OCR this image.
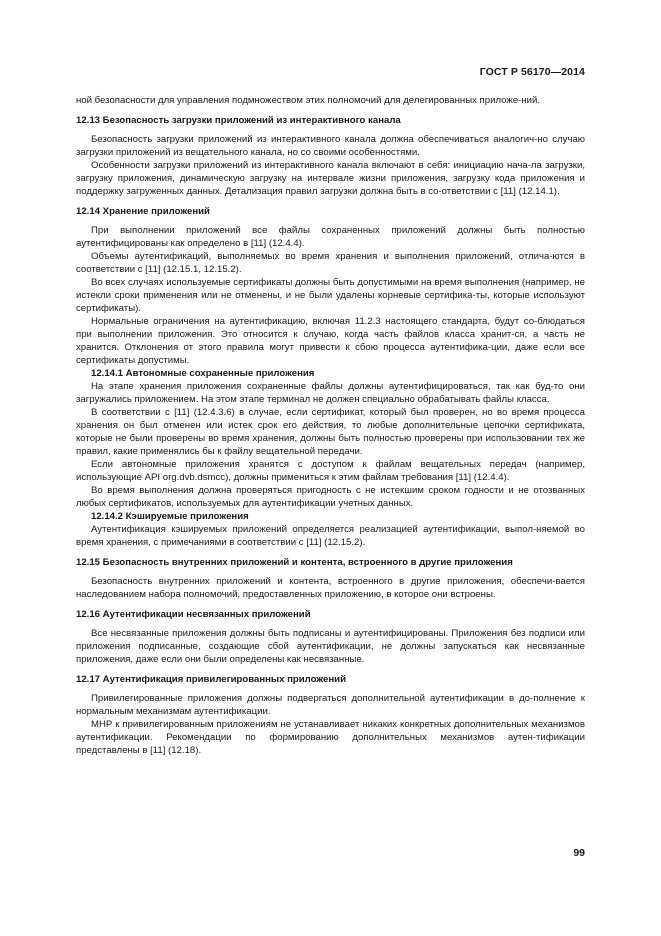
ГОСТ Р 56170—2014

ной безопасности для управления подмножеством этих полномочий для делегированных приложе-ний.

12.13 Безопасность загрузки приложений из интерактивного канала

Безопасность загрузки приложений из интерактивного канала должна обеспечиваться аналогич-но случаю загрузки приложений из вещательного канала, но со своими особенностями.

Особенности загрузки приложений из интерактивного канала включают в себя: инициацию нача-ла загрузки, загрузку приложения, динамическую загрузку на интервале жизни приложения, загрузку кода приложения и поддержку загруженных данных. Детализация правил загрузки должна быть в со-ответствии с [11] (12.14.1).

12.14 Хранение приложений

При выполнении приложений все файлы сохраненных приложений должны быть полностью аутентифицированы как определено в [11] (12.4.4).

Объемы аутентификаций, выполняемых во время хранения и выполнения приложений, отлича-ются в соответствии с [11] (12.15.1, 12.15.2).

Во всех случаях используемые сертификаты должны быть допустимыми на время выполнения (например, не истекли сроки применения или не отменены, и не были удалены корневые сертифика-ты, которые используют сертификаты).

Нормальные ограничения на аутентификацию, включая 11.2.3 настоящего стандарта, будут со-блюдаться при выполнении приложения. Это относится к случаю, когда часть файлов класса хранит-ся, а часть не хранится. Отклонения от этого правила могут привести к сбою процесса аутентифика-ции, даже если все сертификаты допустимы.

12.14.1 Автономные сохраненные приложения

На этапе хранения приложения сохраненные файлы должны аутентифицироваться, так как буд-то они загружались приложением. На этом этапе терминал не должен специально обрабатывать файлы класса.

В соответствии с [11] (12.4.3.6) в случае, если сертификат, который был проверен, но во время процесса хранения он был отменен или истек срок его действия, то любые дополнительные цепочки сертификата, которые не были проверены во время хранения, должны быть полностью проверены при использовании тех же правил, какие применялись бы к файлу вещательной передачи.

Если автономные приложения хранятся с доступом к файлам вещательных передач (например, использующие API org.dvb.dsmcc), должны примениться к этим файлам требования [11] (12.4.4).

Во время выполнения должна проверяться пригодность с не истекшим сроком годности и не отозванных любых сертификатов, используемых для аутентификации учетных данных.

12.14.2 Кэшируемые приложения

Аутентификация кэшируемых приложений определяется реализацией аутентификации, выпол-няемой во время хранения, с примечаниями в соответствии с [11] (12.15.2).

12.15 Безопасность внутренних приложений и контента, встроенного в другие приложения

Безопасность внутренних приложений и контента, встроенного в другие приложения, обеспечи-вается наследованием набора полномочий, предоставленных приложению, в которое они встроены.

12.16 Аутентификации несвязанных приложений

Все несвязанные приложения должны быть подписаны и аутентифицированы. Приложения без подписи или приложения подписанные, создающие сбой аутентификации, не должны запускаться как несвязанные приложения, даже если они были определены как несвязанные.

12.17 Аутентификация привилегированных приложений

Привилегированные приложения должны подвергаться дополнительной аутентификации в до-полнение к нормальным механизмам аутентификации.

МНР к привилегированным приложениям не устанавливает никаких конкретных дополнительных механизмов аутентификации. Рекомендации по формированию дополнительных механизмов аутен-тификации представлены в [11] (12.18).

99
